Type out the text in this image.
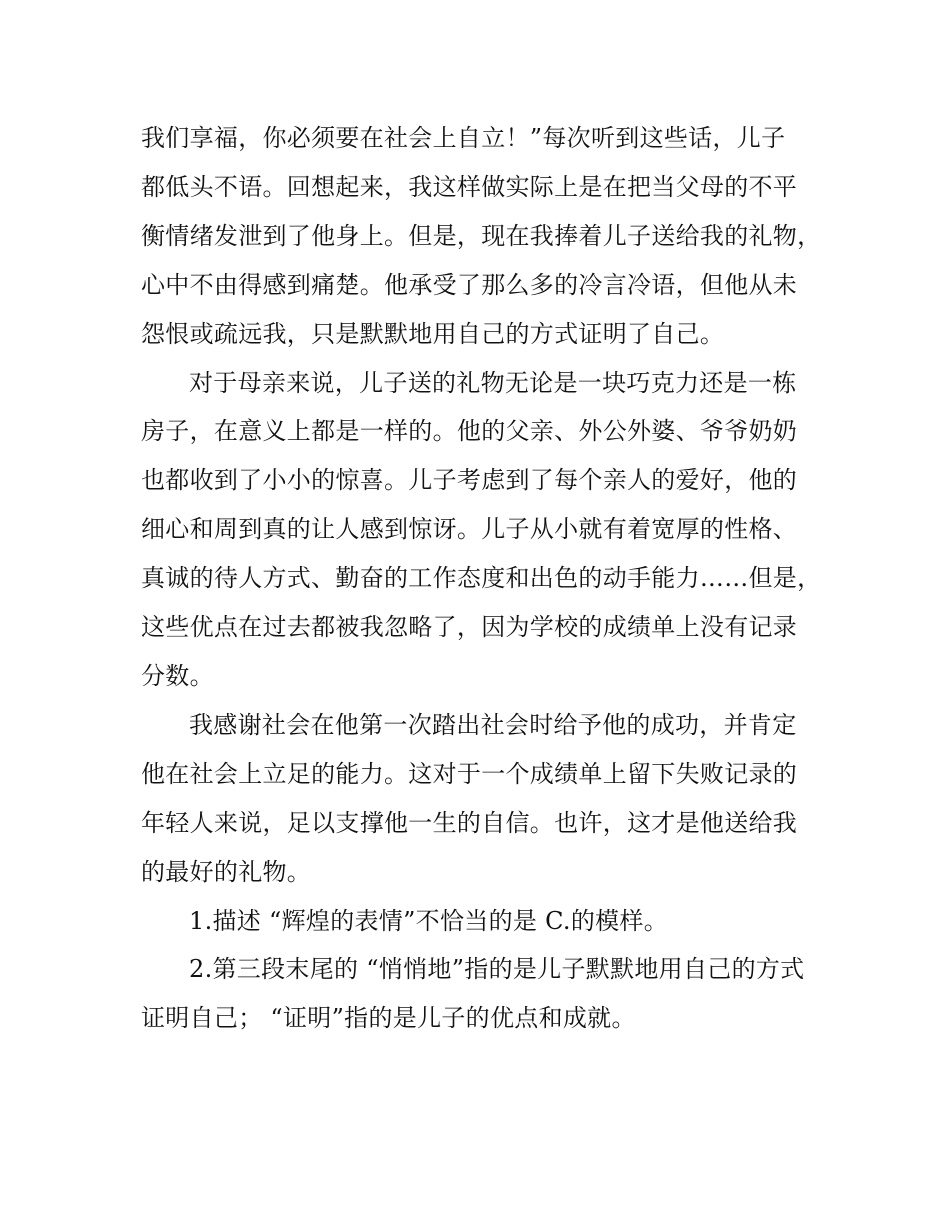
我们享福，你必须要在社会上自立！”每次听到这些话，儿子

都低头不语。回想起来，我这样做实际上是在把当父母的不平

衡情绪发泄到了他身上。但是，现在我捧着儿子送给我的礼物，

心中不由得感到痛楚。他承受了那么多的冷言冷语，但他从未

怨恨或疏远我，只是默默地用自己的方式证明了自己。

对于母亲来说，儿子送的礼物无论是一块巧克力还是一栋

房子，在意义上都是一样的。他的父亲、外公外婆、爷爷奶奶

也都收到了小小的惊喜。儿子考虑到了每个亲人的爱好，他的

细心和周到真的让人感到惊讶。儿子从小就有着宽厚的性格、

真诚的待人方式、勤奋的工作态度和出色的动手能力……但是，

这些优点在过去都被我忽略了，因为学校的成绩单上没有记录

分数。

我感谢社会在他第一次踏出社会时给予他的成功，并肯定

他在社会上立足的能力。这对于一个成绩单上留下失败记录的

年轻人来说，足以支撑他一生的自信。也许，这才是他送给我

的最好的礼物。

1.描述 “辉煌的表情”不恰当的是 C.的模样。

2.第三段末尾的 “悄悄地”指的是儿子默默地用自己的方式

证明自己； “证明”指的是儿子的优点和成就。
